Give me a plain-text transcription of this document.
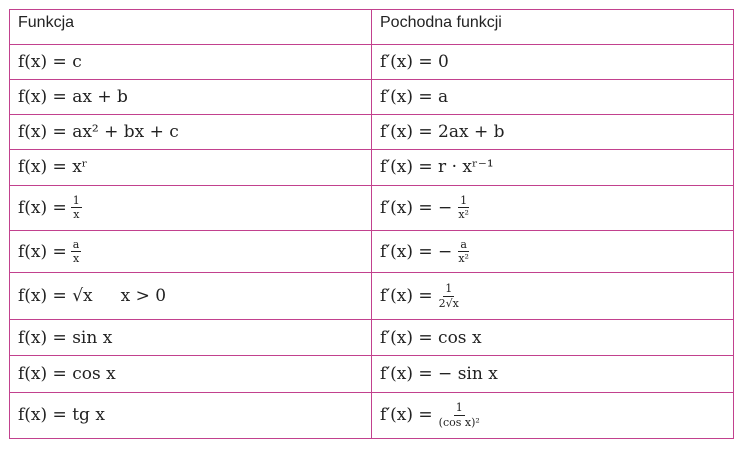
Funkcja	Pochodna funkcji
f(x) = c	f′(x) = 0
f(x) = ax + b	f′(x) = a
f(x) = ax² + bx + c	f′(x) = 2ax + b
f(x) = xʳ	f′(x) = r · xʳ⁻¹

$f(x) = \frac{1}{x}$	f′(x) = − $\frac{1}{\text{x²}}$

$f(x) = \frac{a}{x}$	f′(x) = − $\frac{a}{\text{x²}}$

f(x) = √x x > 0	$f'(x) = \frac{1}{2√x}$

f(x) = sin x	f′(x) = cos x
f(x) = cos x	f′(x) = − sin x
f(x) = tg x	$f'(x) = \frac{1}{\text{(cos x)²}}$
